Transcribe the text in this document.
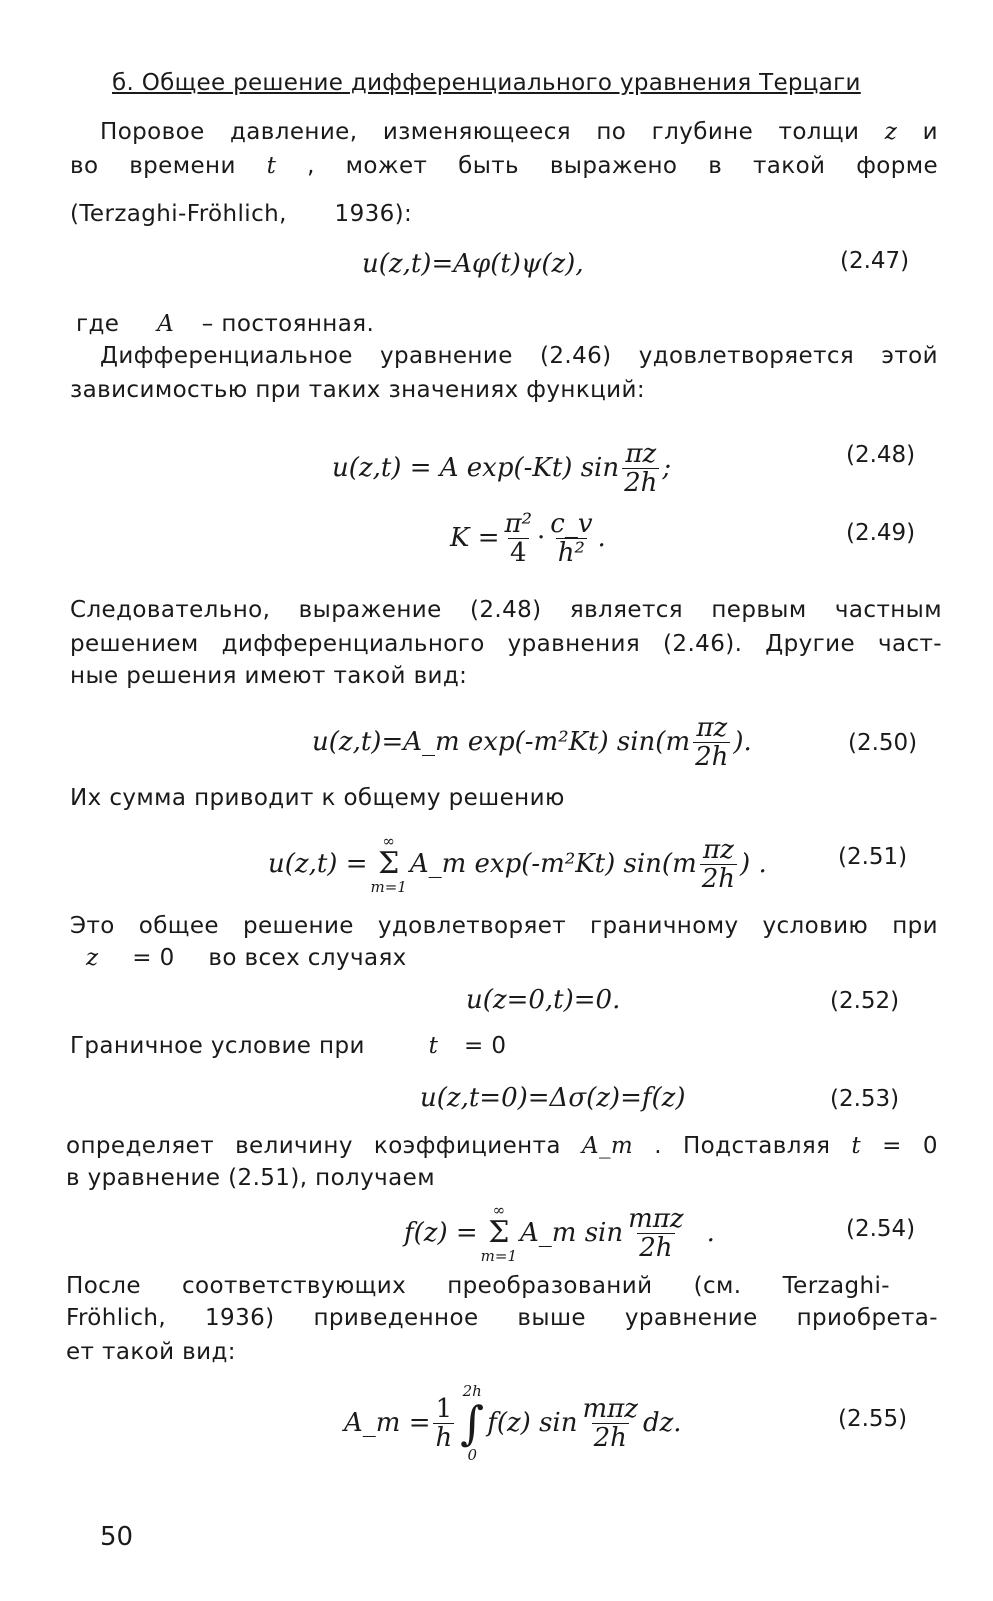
б. Общее решение дифференциального уравнения Терцаги
Поровое давление, изменяющееся по глубине толщи z и
во времени t , может быть выражено в такой форме
(Terzaghi-Fröhlich, 1936):
u(z,t)=Aφ(t)ψ(z),	(2.47)
где A – постоянная.
Дифференциальное уравнение (2.46) удовлетворяется этой
зависимостью при таких значениях функций:
u(z,t) = A exp(-Kt) $\sin \frac{\pi z}{2h}$ ;	(2.48)
$K = \frac{\text{π²}}{4} \cdot \frac{c\_v}{\text{h²}}$ .	(2.49)
Следовательно, выражение (2.48) является первым частным
решением дифференциального уравнения (2.46). Другие част-
ные решения имеют такой вид:
u(z,t)=A_m exp(-m²Kt) $\sin(m \frac{\pi z}{2h}$ ).	(2.50)
Их сумма приводит к общему решению
u(z,t) =
∞
Σ
m=1
A_m exp(-m²Kt) $\sin(m \frac{\pi z}{2h}$ ) .	(2.51)
Это общее решение удовлетворяет граничному условию при
z = 0 во всех случаях
u(z=0,t)=0.	(2.52)
Граничное условие при	t = 0
u(z,t=0)=Δσ(z)=f(z)	(2.53)
определяет величину коэффициента A_m . Подставляя t = 0
в уравнение (2.51), получаем
f(z) =
∞
Σ
m=1
A_m $\sin \frac{\text{mπz}}{2h}$ .	(2.54)
После соответствующих преобразований (см. Terzaghi-
Fröhlich, 1936) приведенное выше уравнение приобрета-
ет такой вид:
A_m = $\frac{1}{h}$
2h
∫
0
f(z) $\sin \frac{\text{mπz}}{2h}$ dz.	(2.55)
50
